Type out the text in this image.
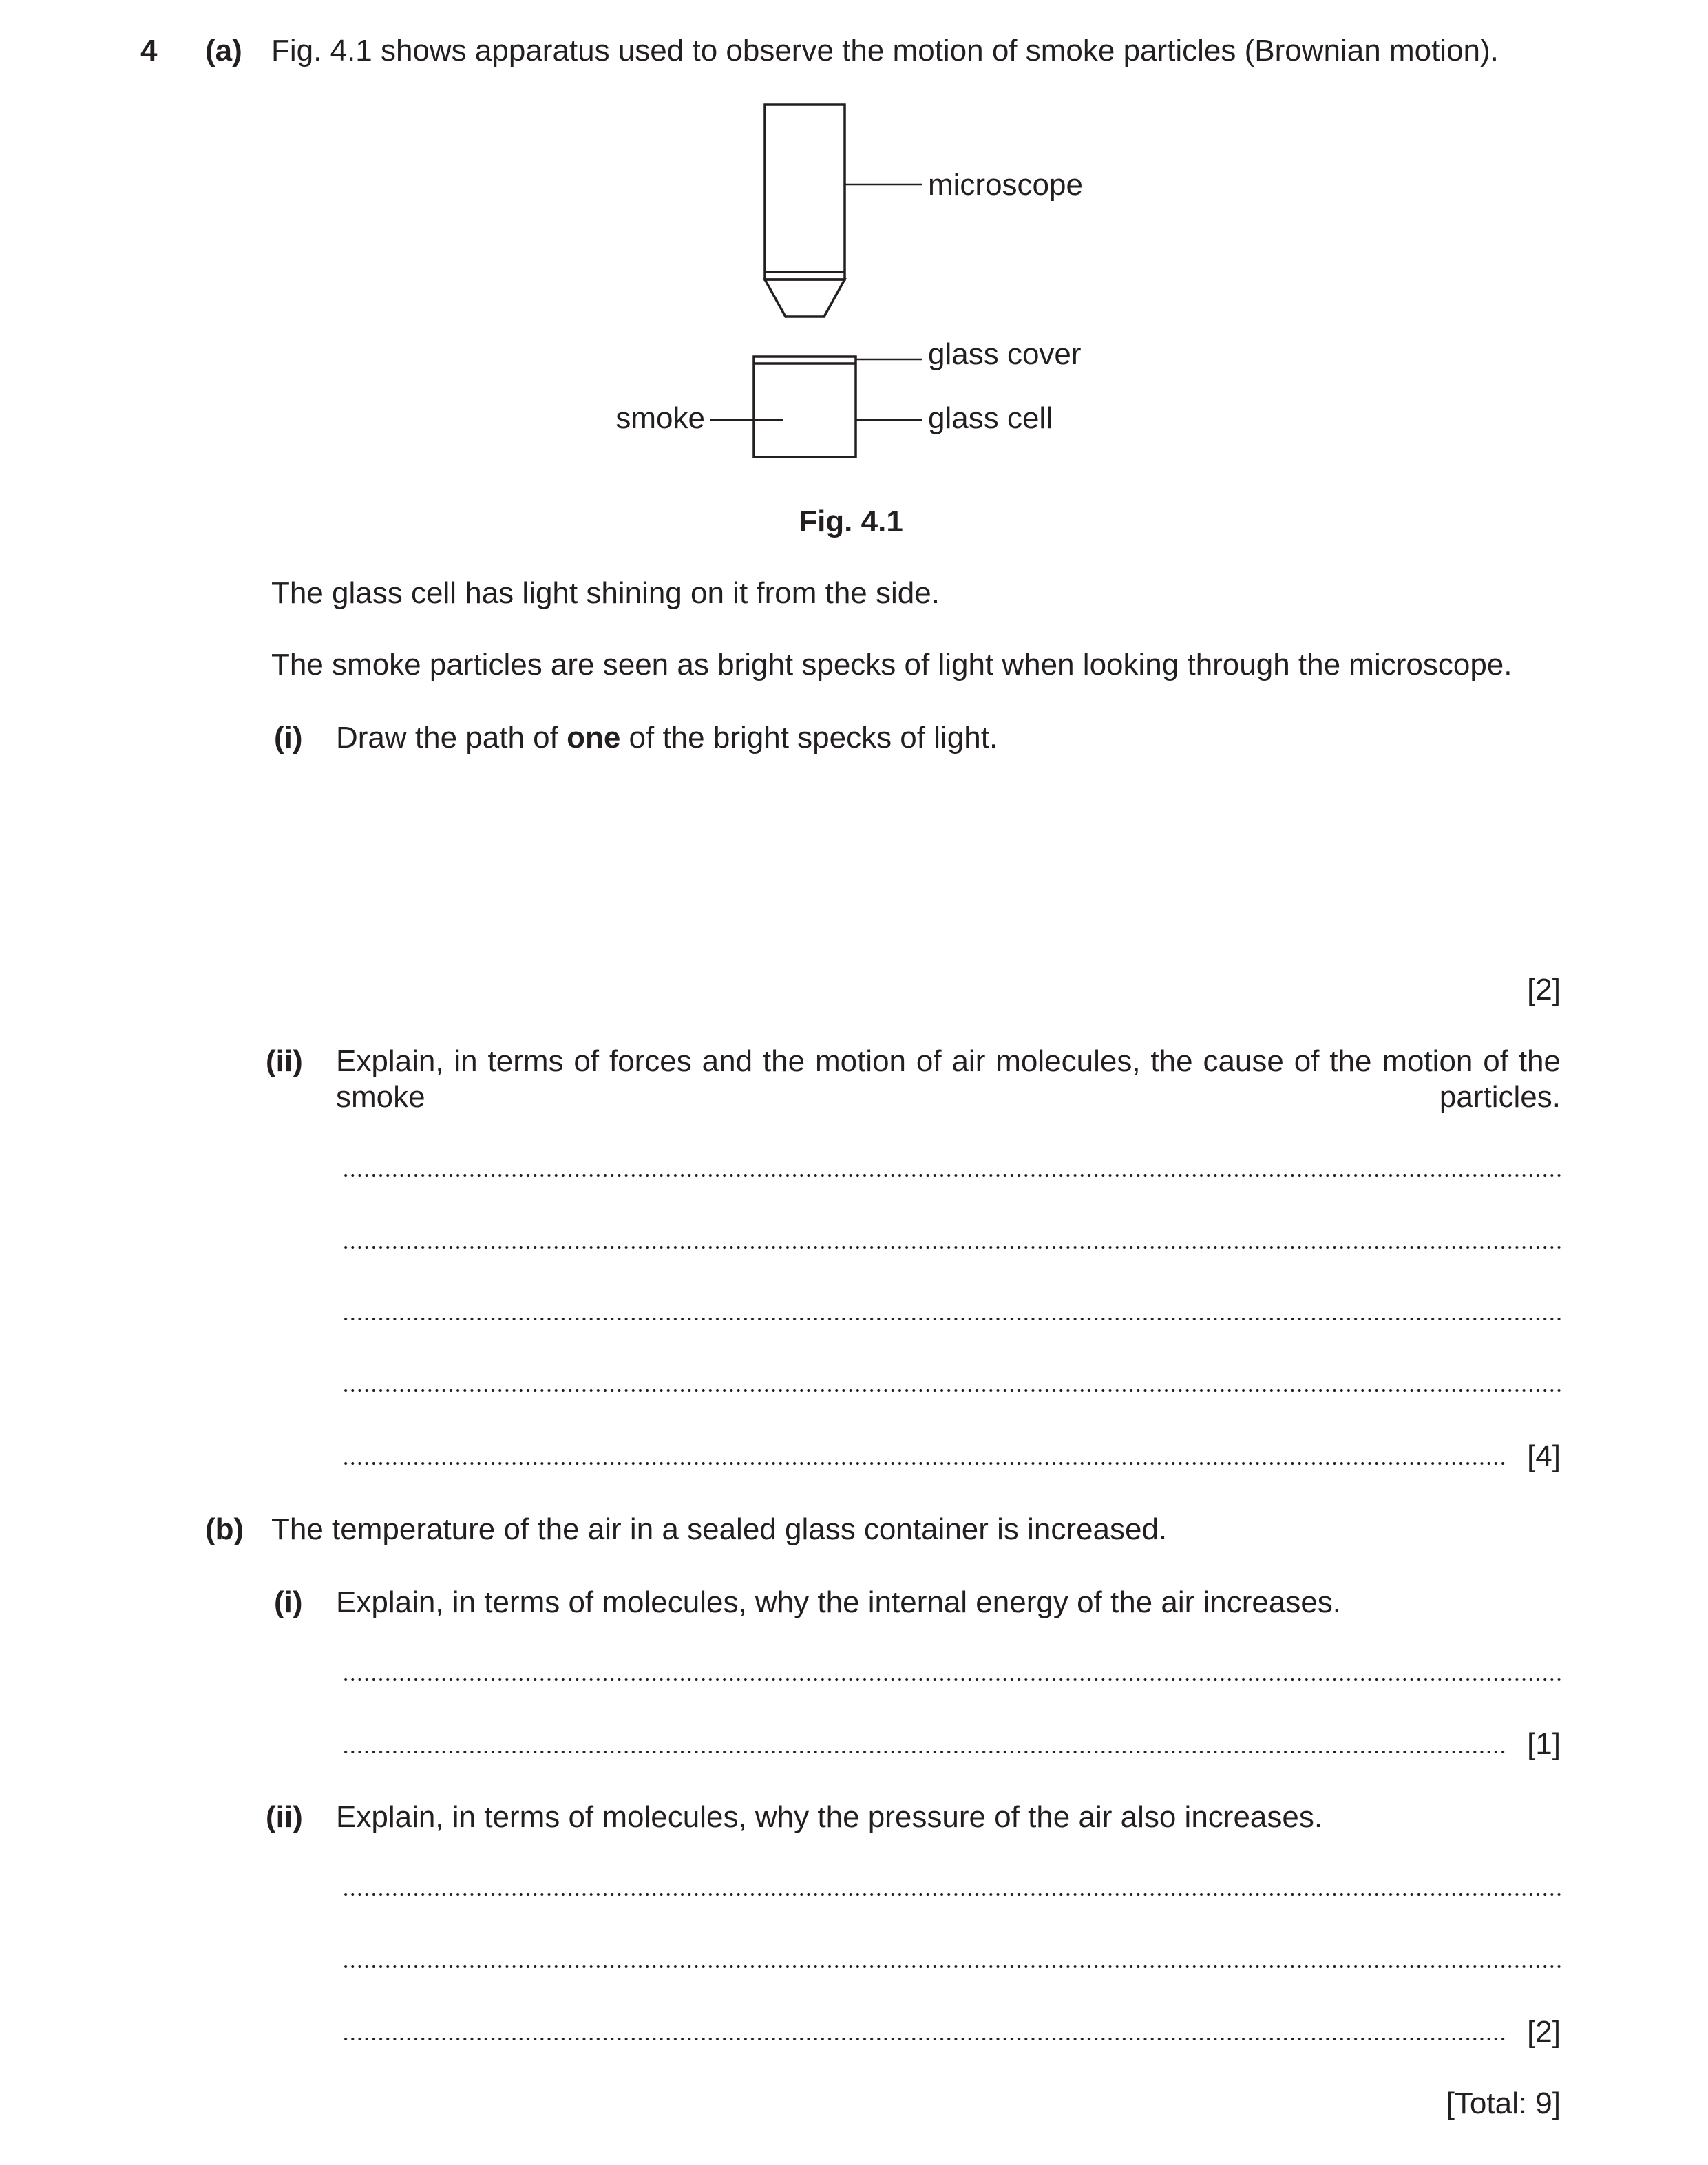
4 (a) Fig. 4.1 shows apparatus used to observe the motion of smoke particles (Brownian motion).
microscope
glass cover
glass cell
smoke
Fig. 4.1
The glass cell has light shining on it from the side.
The smoke particles are seen as bright specks of light when looking through the microscope.
(i) Draw the path of one of the bright specks of light.
[2]
(ii) Explain, in terms of forces and the motion of air molecules, the cause of the motion of the smoke particles.
[4]
(b) The temperature of the air in a sealed glass container is increased.
(i) Explain, in terms of molecules, why the internal energy of the air increases.
[1]
(ii) Explain, in terms of molecules, why the pressure of the air also increases.
[2]
[Total: 9]
